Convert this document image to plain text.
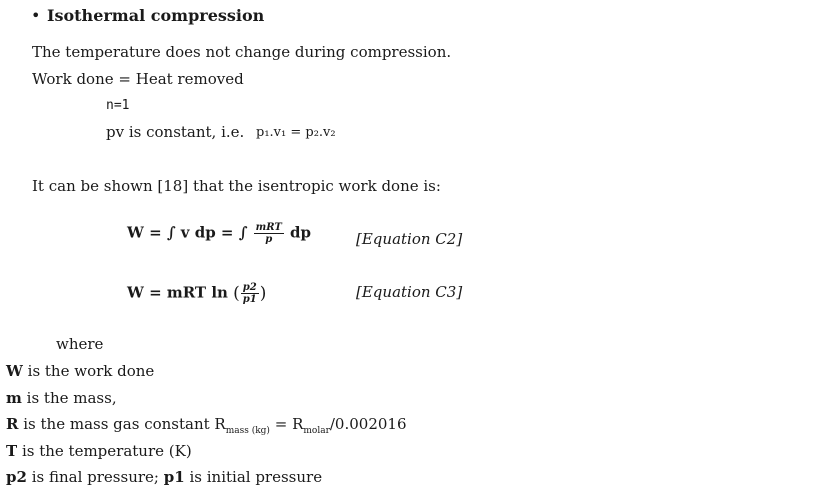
• Isothermal compression
The temperature does not change during compression.
Work done = Heat removed
n=1
pv is constant, i.e. p₁.v₁ = p₂.v₂
It can be shown [18] that the isentropic work done is:
W = ∫ v dp = ∫ $\frac{\text{mRT}}{p}$ dp	[Equation C2]
W = mRT ln ( $\frac{p2}{p1}$ )	[Equation C3]
where
W is the work done
m is the mass,
R is the mass gas constant $R_{mass (kg)} = R_{molar}/0.002016$
T is the temperature (K)
p2 is final pressure; p1 is initial pressure
